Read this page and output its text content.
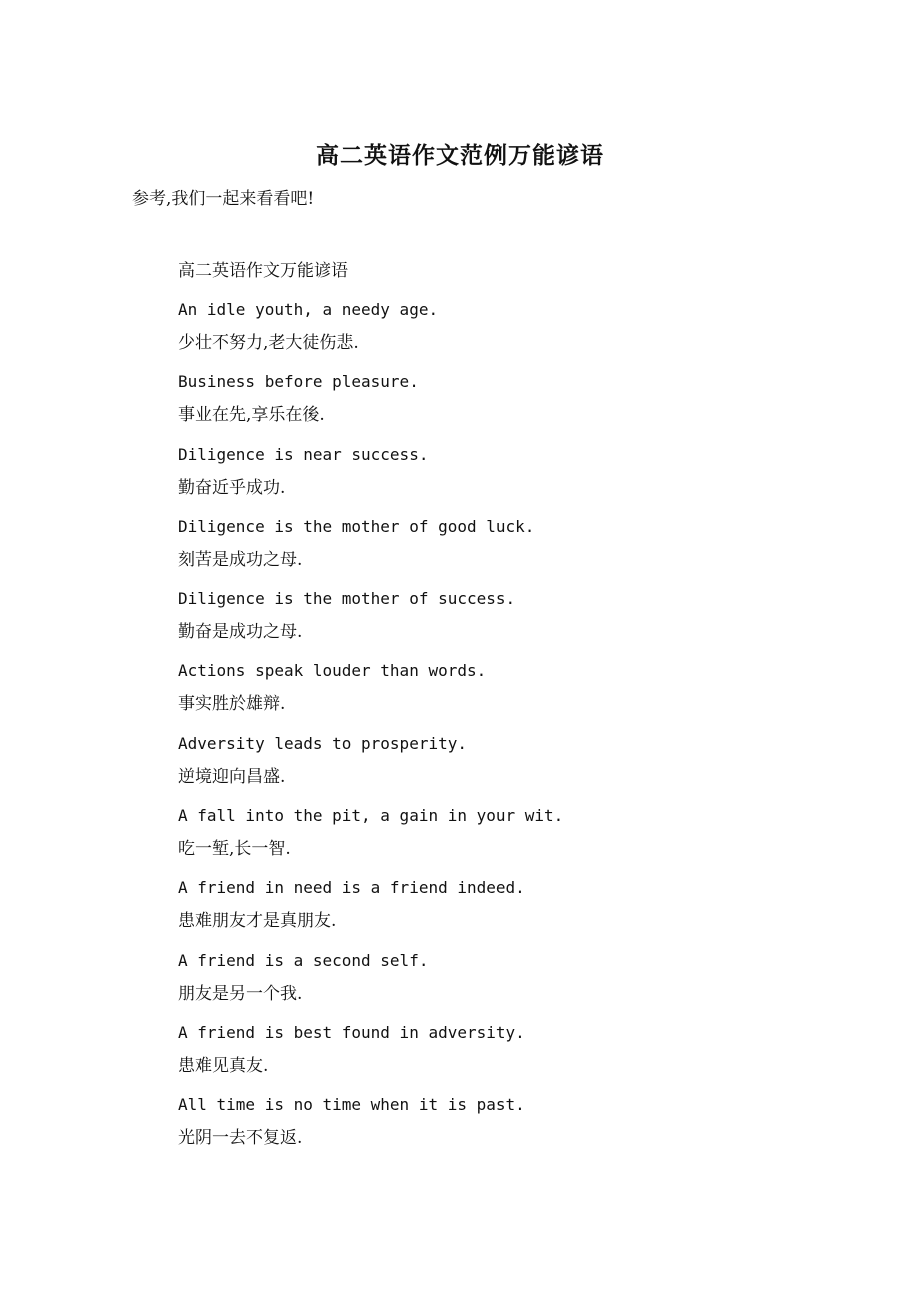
高二英语作文范例万能谚语
参考,我们一起来看看吧!
高二英语作文万能谚语
An idle youth, a needy age.
少壮不努力,老大徒伤悲.
Business before pleasure.
事业在先,享乐在後.
Diligence is near success.
勤奋近乎成功.
Diligence is the mother of good luck.
刻苦是成功之母.
Diligence is the mother of success.
勤奋是成功之母.
Actions speak louder than words.
事实胜於雄辩.
Adversity leads to prosperity.
逆境迎向昌盛.
A fall into the pit, a gain in your wit.
吃一堑,长一智.
A friend in need is a friend indeed.
患难朋友才是真朋友.
A friend is a second self.
朋友是另一个我.
A friend is best found in adversity.
患难见真友.
All time is no time when it is past.
光阴一去不复返.
